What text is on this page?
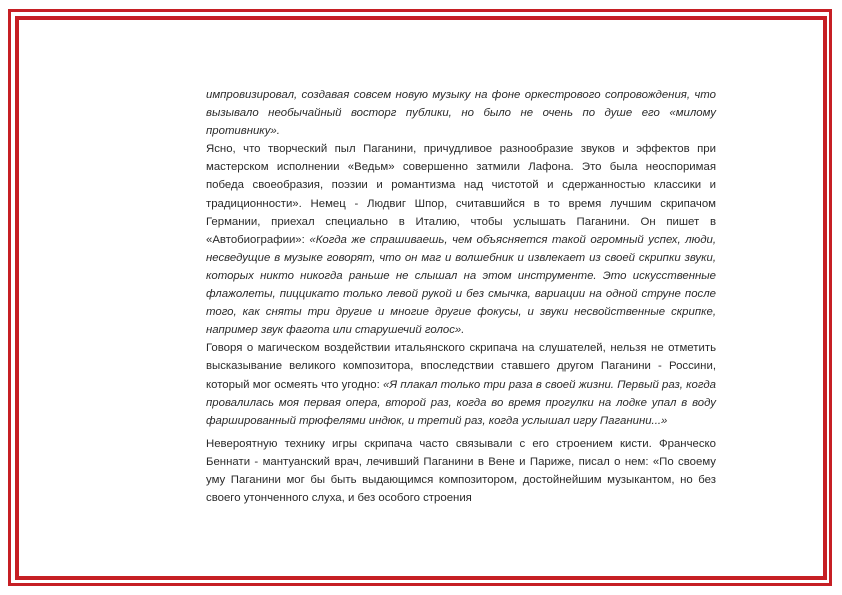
импровизировал, создавая совсем новую музыку на фоне оркестрового сопровождения, что вызывало необычайный восторг публики, но было не очень по душе его «милому противнику».

Ясно, что творческий пыл Паганини, причудливое разнообразие звуков и эффектов при мастерском исполнении «Ведьм» совершенно затмили Лафона. Это была неоспоримая победа своеобразия, поэзии и романтизма над чистотой и сдержанностью классики и традиционности». Немец - Людвиг Шпор, считавшийся в то время лучшим скрипачом Германии, приехал специально в Италию, чтобы услышать Паганини. Он пишет в «Автобиографии»: «Когда же спрашиваешь, чем объясняется такой огромный успех, люди, несведущие в музыке говорят, что он маг и волшебник и извлекает из своей скрипки звуки, которых никто никогда раньше не слышал на этом инструменте. Это искусственные флажолеты, пиццикато только левой рукой и без смычка, вариации на одной струне после того, как сняты три другие и многие другие фокусы, и звуки несвойственные скрипке, например звук фагота или старушечий голос».

Говоря о магическом воздействии итальянского скрипача на слушателей, нельзя не отметить высказывание великого композитора, впоследствии ставшего другом Паганини - Россини, который мог осмеять что угодно: «Я плакал только три раза в своей жизни. Первый раз, когда провалилась моя первая опера, второй раз, когда во время прогулки на лодке упал в воду фаршированный трюфелями индюк, и третий раз, когда услышал игру Паганини...»

Невероятную технику игры скрипача часто связывали с его строением кисти. Франческо Беннати - мантуанский врач, лечивший Паганини в Вене и Париже, писал о нем: «По своему уму Паганини мог бы быть выдающимся композитором, достойнейшим музыкантом, но без своего утонченного слуха, и без особого строения
